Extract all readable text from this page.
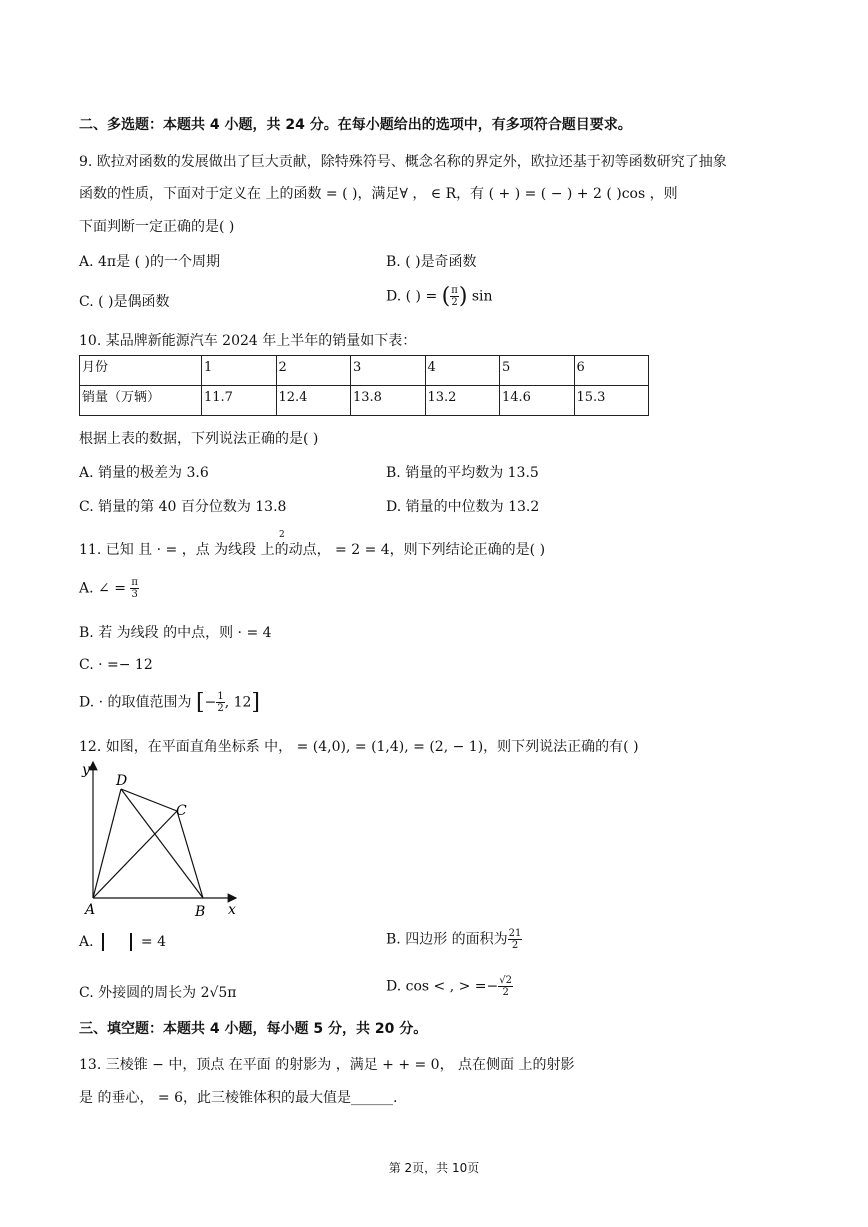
二、多选题：本题共 4 小题，共 24 分。在每小题给出的选项中，有多项符合题目要求。
9. 欧拉对函数的发展做出了巨大贡献，除特殊符号、概念名称的界定外，欧拉还基于初等函数研究了抽象
函数的性质，下面对于定义在 上的函数 = ( )，满足∀ ， ∈ R，有 ( + ) = ( − ) + 2 ( )cos ，则
下面判断一定正确的是( )
A. 4π是 ( )的一个周期	B. ( )是奇函数
C. ( )是偶函数	D. ( ) = ( $\frac{\pi}{2}$ ) sin
10. 某品牌新能源汽车 2024 年上半年的销量如下表：
月份	1	2	3	4	5	6
销量（万辆）	11.7	12.4	13.8	13.2	14.6	15.3
根据上表的数据，下列说法正确的是( )
A. 销量的极差为 3.6	B. 销量的平均数为 13.5
C. 销量的第 40 百分位数为 13.8	D. 销量的中位数为 13.2
11. 已知 且 · = ，点 为线段 上的动点， = 2 = 4，则下列结论正确的是( )
2
A. ∠ = $\frac{\pi}{3}$
B. 若 为线段 的中点，则 · = 4
C. · =− 12
D. · 的取值范围为 [− $\frac{1}{2}$ , 12]
12. 如图，在平面直角坐标系 中， = (4,0), = (1,4), = (2, − 1)，则下列说法正确的有( )
y
x
A	B
C
D
A.	= 4	B. 四边形 的面积为 $\frac{21}{2}$
C. 外接圆的周长为 2√5π	D. cos < , > =− $\frac{√2}{2}$
三、填空题：本题共 4 小题，每小题 5 分，共 20 分。
13. 三棱锥 − 中，顶点 在平面 的射影为 ，满足 + + = 0， 点在侧面 上的射影
是 的垂心， = 6，此三棱锥体积的最大值是______.
第 2页，共 10页
